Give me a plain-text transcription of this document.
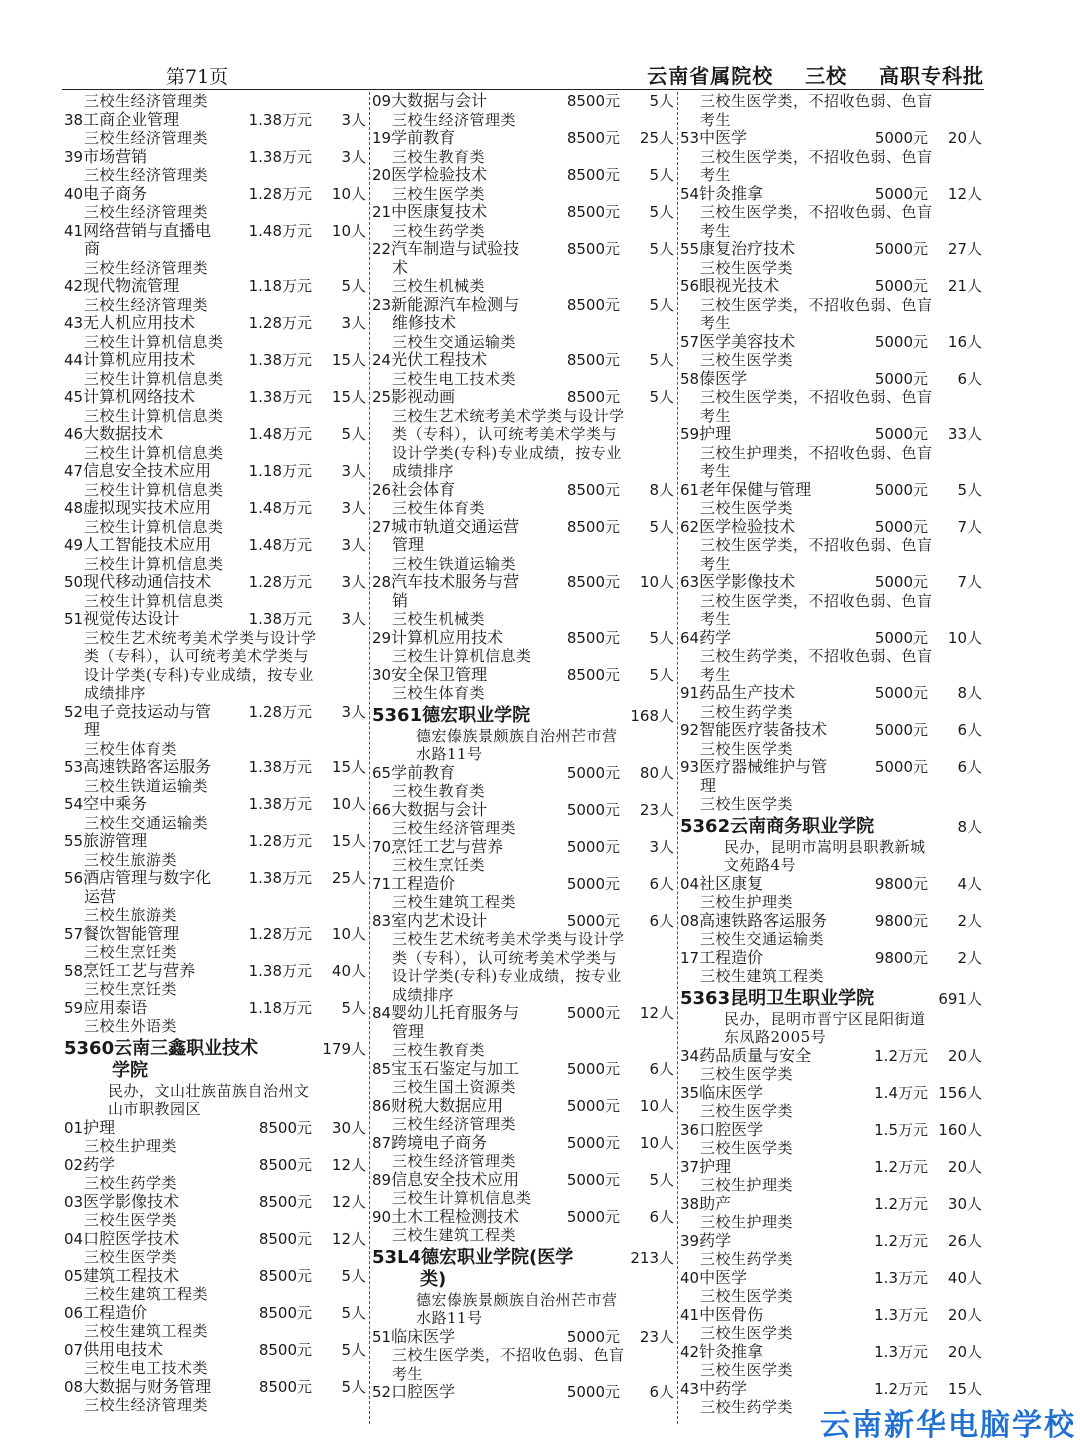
第71页	云南省属院校    三校    高职专科批
三校生经济管理类
38工商企业管理	1.38万元 3人
三校生经济管理类
39市场营销	1.38万元 3人
三校生经济管理类
40电子商务	1.28万元 10人
三校生经济管理类
41网络营销与直播电 1.48万元 10人
商
三校生经济管理类
42现代物流管理	1.18万元 5人
三校生经济管理类
43无人机应用技术	1.28万元 3人
三校生计算机信息类
44计算机应用技术	1.38万元 15人
三校生计算机信息类
45计算机网络技术	1.38万元 15人
三校生计算机信息类
46大数据技术	1.48万元 5人
三校生计算机信息类
47信息安全技术应用 1.18万元 3人
三校生计算机信息类
48虚拟现实技术应用 1.48万元 3人
三校生计算机信息类
49人工智能技术应用 1.48万元 3人
三校生计算机信息类
50现代移动通信技术 1.28万元 3人
三校生计算机信息类
51视觉传达设计	1.38万元 3人
三校生艺术统考美术学类与设计学
类（专科），认可统考美术学类与
设计学类(专科)专业成绩，按专业
成绩排序
52电子竞技运动与管 1.28万元 3人
理
三校生体育类
53高速铁路客运服务 1.38万元 15人
三校生铁道运输类
54空中乘务	1.38万元 10人
三校生交通运输类
55旅游管理	1.28万元 15人
三校生旅游类
56酒店管理与数字化 1.38万元 25人
运营
三校生旅游类
57餐饮智能管理	1.28万元 10人
三校生烹饪类
58烹饪工艺与营养	1.38万元 40人
三校生烹饪类
59应用泰语	1.18万元 5人
三校生外语类
5360云南三鑫职业技术
学院
179人
民办，文山壮族苗族自治州文
山市职教园区
01护理	8500元 30人
三校生护理类
02药学	8500元 12人
三校生药学类
03医学影像技术	8500元 12人
三校生医学类
04口腔医学技术	8500元 12人
三校生医学类
05建筑工程技术	8500元 5人
三校生建筑工程类
06工程造价	8500元 5人
三校生建筑工程类
07供用电技术	8500元 5人
三校生电工技术类
08大数据与财务管理	8500元 5人
三校生经济管理类
09大数据与会计	8500元 5人
三校生经济管理类
19学前教育	8500元 25人
三校生教育类
20医学检验技术	8500元 5人
三校生医学类
21中医康复技术	8500元 5人
三校生药学类
22汽车制造与试验技	8500元 5人
术
三校生机械类
23新能源汽车检测与	8500元 5人
维修技术
三校生交通运输类
24光伏工程技术	8500元 5人
三校生电工技术类
25影视动画	8500元 5人
三校生艺术统考美术学类与设计学
类（专科），认可统考美术学类与
设计学类(专科)专业成绩，按专业
成绩排序
26社会体育	8500元 8人
三校生体育类
27城市轨道交通运营	8500元 5人
管理
三校生铁道运输类
28汽车技术服务与营	8500元 10人
销
三校生机械类
29计算机应用技术	8500元 5人
三校生计算机信息类
30安全保卫管理	8500元 5人
三校生体育类
5361德宏职业学院	168人
德宏傣族景颇族自治州芒市营
水路11号
65学前教育	5000元 80人
三校生教育类
66大数据与会计	5000元 23人
三校生经济管理类
70烹饪工艺与营养	5000元 3人
三校生烹饪类
71工程造价	5000元 6人
三校生建筑工程类
83室内艺术设计	5000元 6人
三校生艺术统考美术学类与设计学
类（专科），认可统考美术学类与
设计学类(专科)专业成绩，按专业
成绩排序
84婴幼儿托育服务与	5000元 12人
管理
三校生教育类
85宝玉石鉴定与加工	5000元 6人
三校生国土资源类
86财税大数据应用	5000元 10人
三校生经济管理类
87跨境电子商务	5000元 10人
三校生经济管理类
89信息安全技术应用	5000元 5人
三校生计算机信息类
90土木工程检测技术	5000元 6人
三校生建筑工程类
53L4德宏职业学院(医学
类)
213人
德宏傣族景颇族自治州芒市营
水路11号
51临床医学	5000元 23人
三校生医学类，不招收色弱、色盲
考生
52口腔医学	5000元 6人
三校生医学类，不招收色弱、色盲
考生
53中医学	5000元 20人
三校生医学类，不招收色弱、色盲
考生
54针灸推拿	5000元 12人
三校生医学类，不招收色弱、色盲
考生
55康复治疗技术	5000元 27人
三校生医学类
56眼视光技术	5000元 21人
三校生医学类，不招收色弱、色盲
考生
57医学美容技术	5000元 16人
三校生医学类
58傣医学	5000元 6人
三校生医学类，不招收色弱、色盲
考生
59护理	5000元 33人
三校生护理类，不招收色弱、色盲
考生
61老年保健与管理	5000元 5人
三校生医学类
62医学检验技术	5000元 7人
三校生医学类，不招收色弱、色盲
考生
63医学影像技术	5000元 7人
三校生医学类，不招收色弱、色盲
考生
64药学	5000元 10人
三校生药学类，不招收色弱、色盲
考生
91药品生产技术	5000元 8人
三校生药学类
92智能医疗装备技术	5000元 6人
三校生医学类
93医疗器械维护与管	5000元 6人
理
三校生医学类
5362云南商务职业学院	8人
民办，昆明市嵩明县职教新城
文苑路4号
04社区康复	9800元 4人
三校生护理类
08高速铁路客运服务	9800元 2人
三校生交通运输类
17工程造价	9800元 2人
三校生建筑工程类
5363昆明卫生职业学院	691人
民办，昆明市晋宁区昆阳街道
东凤路2005号
34药品质量与安全	1.2万元 20人
三校生医学类
35临床医学	1.4万元 156人
三校生医学类
36口腔医学	1.5万元 160人
三校生医学类
37护理	1.2万元 20人
三校生护理类
38助产	1.2万元 30人
三校生护理类
39药学	1.2万元 26人
三校生药学类
40中医学	1.3万元 40人
三校生医学类
41中医骨伤	1.3万元 20人
三校生医学类
42针灸推拿	1.3万元 20人
三校生医学类
43中药学	1.2万元 15人
三校生药学类
云南新华电脑学校
